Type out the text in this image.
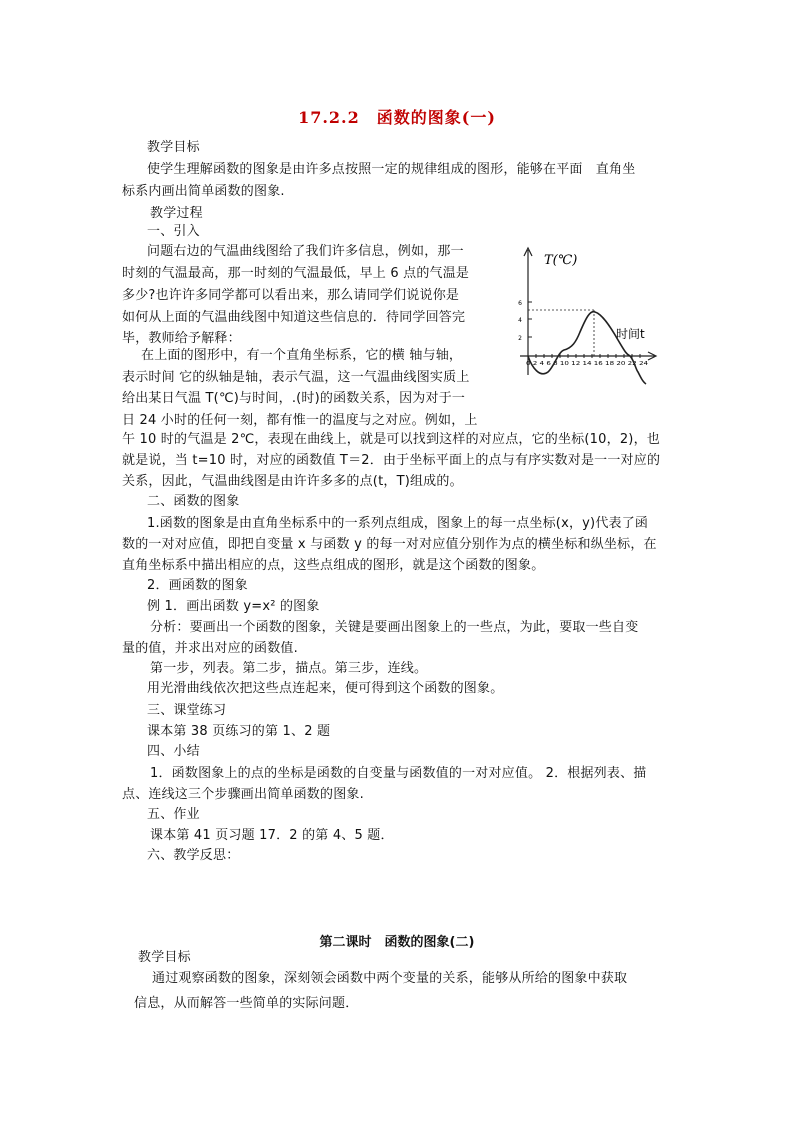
17.2.2　函数的图象(一)
教学目标
使学生理解函数的图象是由许多点按照一定的规律组成的图形，能够在平面　直角坐
标系内画出简单函数的图象.
教学过程
一、引入
问题右边的气温曲线图给了我们许多信息，例如，那一
时刻的气温最高，那一时刻的气温最低，早上 6 点的气温是
多少?也许许多同学都可以看出来，那么请同学们说说你是
如何从上面的气温曲线图中知道这些信息的．待同学回答完
毕，教师给予解释：
在上面的图形中，有一个直角坐标系，它的横 轴与轴，
表示时间 它的纵轴是轴，表示气温，这一气温曲线图实质上
给出某日气温 T(℃)与时间，.(时)的函数关系，因为对于一
日 24 小时的任何一刻，都有惟一的温度与之对应。例如，上
午 10 时的气温是 2℃，表现在曲线上，就是可以找到这样的对应点，它的坐标(10，2)，也
就是说，当 t=10 时，对应的函数值 T＝2．由于坐标平面上的点与有序实数对是一一对应的
关系，因此，气温曲线图是由许许多多的点(t，T)组成的。
二、函数的图象
1.函数的图象是由直角坐标系中的一系列点组成，图象上的每一点坐标(x，y)代表了函
数的一对对应值，即把自变量 x 与函数 y 的每一对对应值分别作为点的横坐标和纵坐标，在
直角坐标系中描出相应的点，这些点组成的图形，就是这个函数的图象。
2．画函数的图象
例 1．画出函数 y=x² 的图象
分析：要画出一个函数的图象，关键是要画出图象上的一些点，为此，要取一些自变
量的值，并求出对应的函数值.
第一步，列表。第二步，描点。第三步，连线。
用光滑曲线依次把这些点连起来，便可得到这个函数的图象。
三、课堂练习
课本第 38 页练习的第 1、2 题
四、小结
1．函数图象上的点的坐标是函数的自变量与函数值的一对对应值。 2．根据列表、描
点、连线这三个步骤画出简单函数的图象.
五、作业
课本第 41 页习题 17．2 的第 4、5 题．
六、教学反思：
6
4
2
0 2 4 6 8 10 12 14 16 18 20 22 24
T(℃)
时间t
第二课时　函数的图象(二)
教学目标
通过观察函数的图象，深刻领会函数中两个变量的关系，能够从所给的图象中获取
信息，从而解答一些简单的实际问题．
